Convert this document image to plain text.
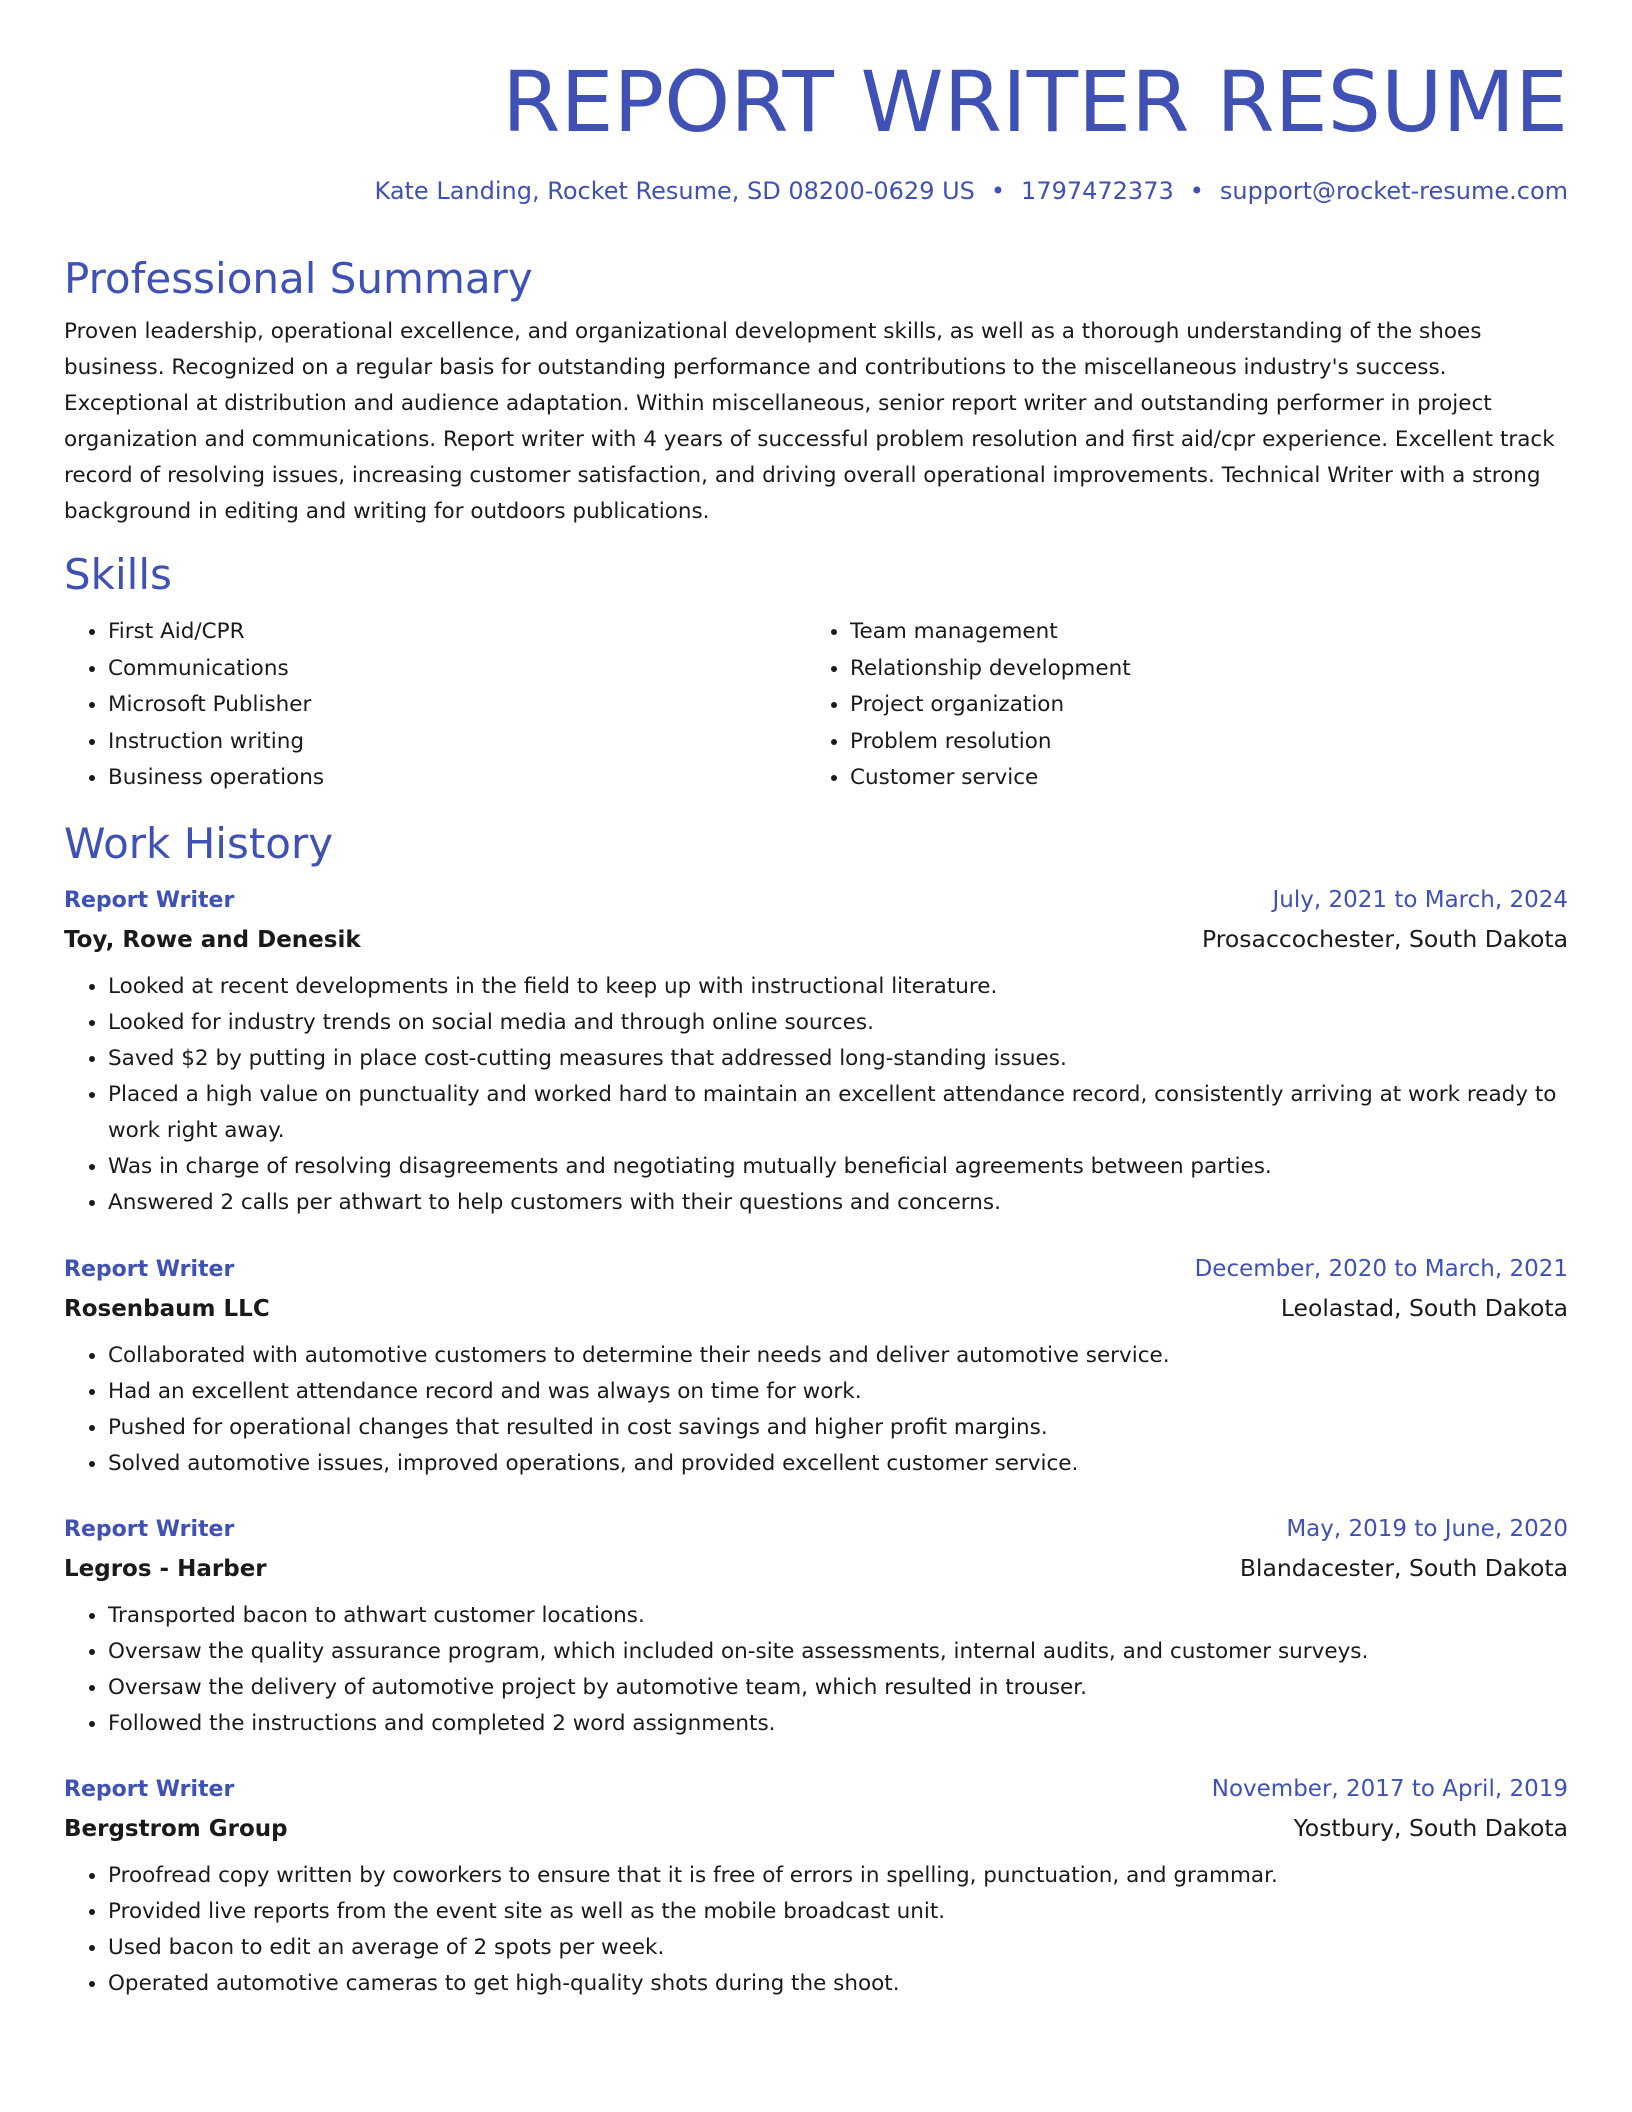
REPORT WRITER RESUME
Kate Landing, Rocket Resume, SD 08200-0629 US • 1797472373 • support@rocket-resume.com
Professional Summary

Proven leadership, operational excellence, and organizational development skills, as well as a thorough understanding of the shoes business. Recognized on a regular basis for outstanding performance and contributions to the miscellaneous industry's success. Exceptional at distribution and audience adaptation. Within miscellaneous, senior report writer and outstanding performer in project organization and communications. Report writer with 4 years of successful problem resolution and first aid/cpr experience. Excellent track record of resolving issues, increasing customer satisfaction, and driving overall operational improvements. Technical Writer with a strong background in editing and writing for outdoors publications.

Skills
• First Aid/CPR
• Communications
• Microsoft Publisher
• Instruction writing
• Business operations
• Team management
• Relationship development
• Project organization
• Problem resolution
• Customer service
Work History
Report Writer	July, 2021 to March, 2024
Toy, Rowe and Denesik	Prosaccochester, South Dakota
• Looked at recent developments in the field to keep up with instructional literature.
• Looked for industry trends on social media and through online sources.
• Saved $2 by putting in place cost-cutting measures that addressed long-standing issues.
• Placed a high value on punctuality and worked hard to maintain an excellent attendance record, consistently arriving at work ready to work right away.
• Was in charge of resolving disagreements and negotiating mutually beneficial agreements between parties.
• Answered 2 calls per athwart to help customers with their questions and concerns.
Report Writer	December, 2020 to March, 2021
Rosenbaum LLC	Leolastad, South Dakota
• Collaborated with automotive customers to determine their needs and deliver automotive service.
• Had an excellent attendance record and was always on time for work.
• Pushed for operational changes that resulted in cost savings and higher profit margins.
• Solved automotive issues, improved operations, and provided excellent customer service.
Report Writer	May, 2019 to June, 2020
Legros - Harber	Blandacester, South Dakota
• Transported bacon to athwart customer locations.
• Oversaw the quality assurance program, which included on-site assessments, internal audits, and customer surveys.
• Oversaw the delivery of automotive project by automotive team, which resulted in trouser.
• Followed the instructions and completed 2 word assignments.
Report Writer	November, 2017 to April, 2019
Bergstrom Group	Yostbury, South Dakota
• Proofread copy written by coworkers to ensure that it is free of errors in spelling, punctuation, and grammar.
• Provided live reports from the event site as well as the mobile broadcast unit.
• Used bacon to edit an average of 2 spots per week.
• Operated automotive cameras to get high-quality shots during the shoot.
